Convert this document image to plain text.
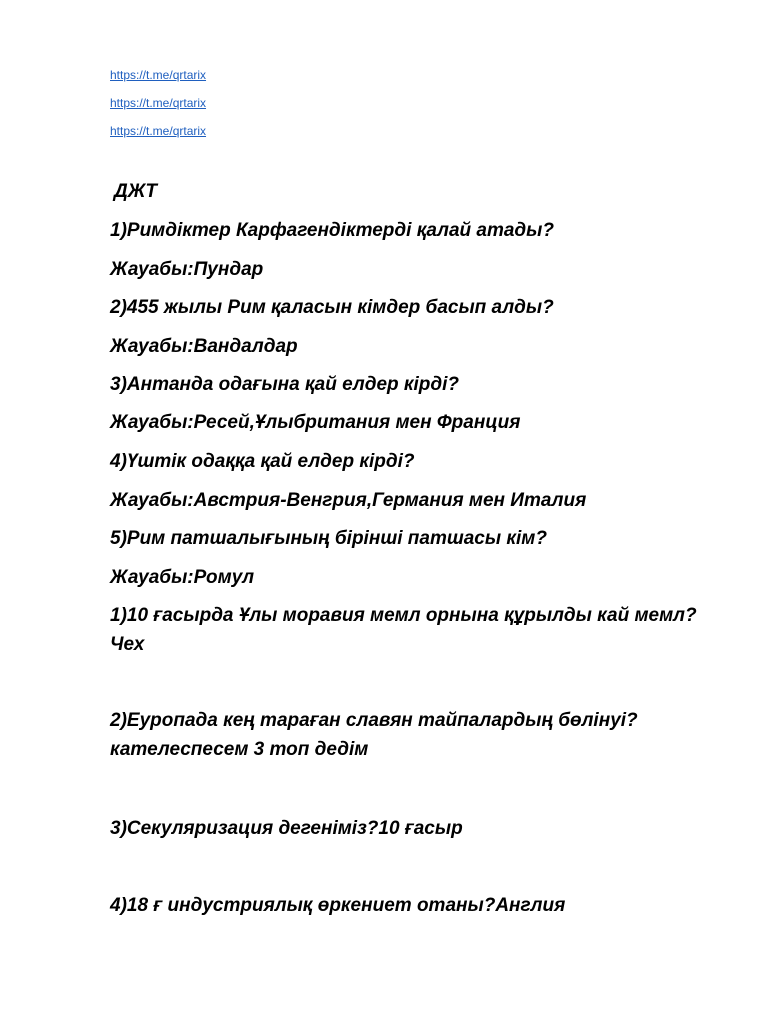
https://t.me/qrtarix
https://t.me/qrtarix
https://t.me/qrtarix
ДЖТ
1)Римдіктер Карфагендіктерді қалай атады?
Жауабы:Пундар
2)455 жылы Рим қаласын кімдер басып алды?
Жауабы:Вандалдар
3)Антанда одағына қай елдер кірді?
Жауабы:Ресей,Ұлыбритания мен Франция
4)Үштік одаққа қай елдер кірді?
Жауабы:Австрия-Венгрия,Германия мен Италия
5)Рим патшалығының бірінші патшасы кім?
Жауабы:Ромул
1)10 ғасырда Ұлы моравия мемл орнына құрылды кай мемл?Чех
2)Еуропада кең тараған славян тайпалардың бөлінуі?кателеспесем 3 топ дедім
3)Секуляризация дегеніміз?10 ғасыр
4)18 ғ индустриялық өркениет отаны?Англия
